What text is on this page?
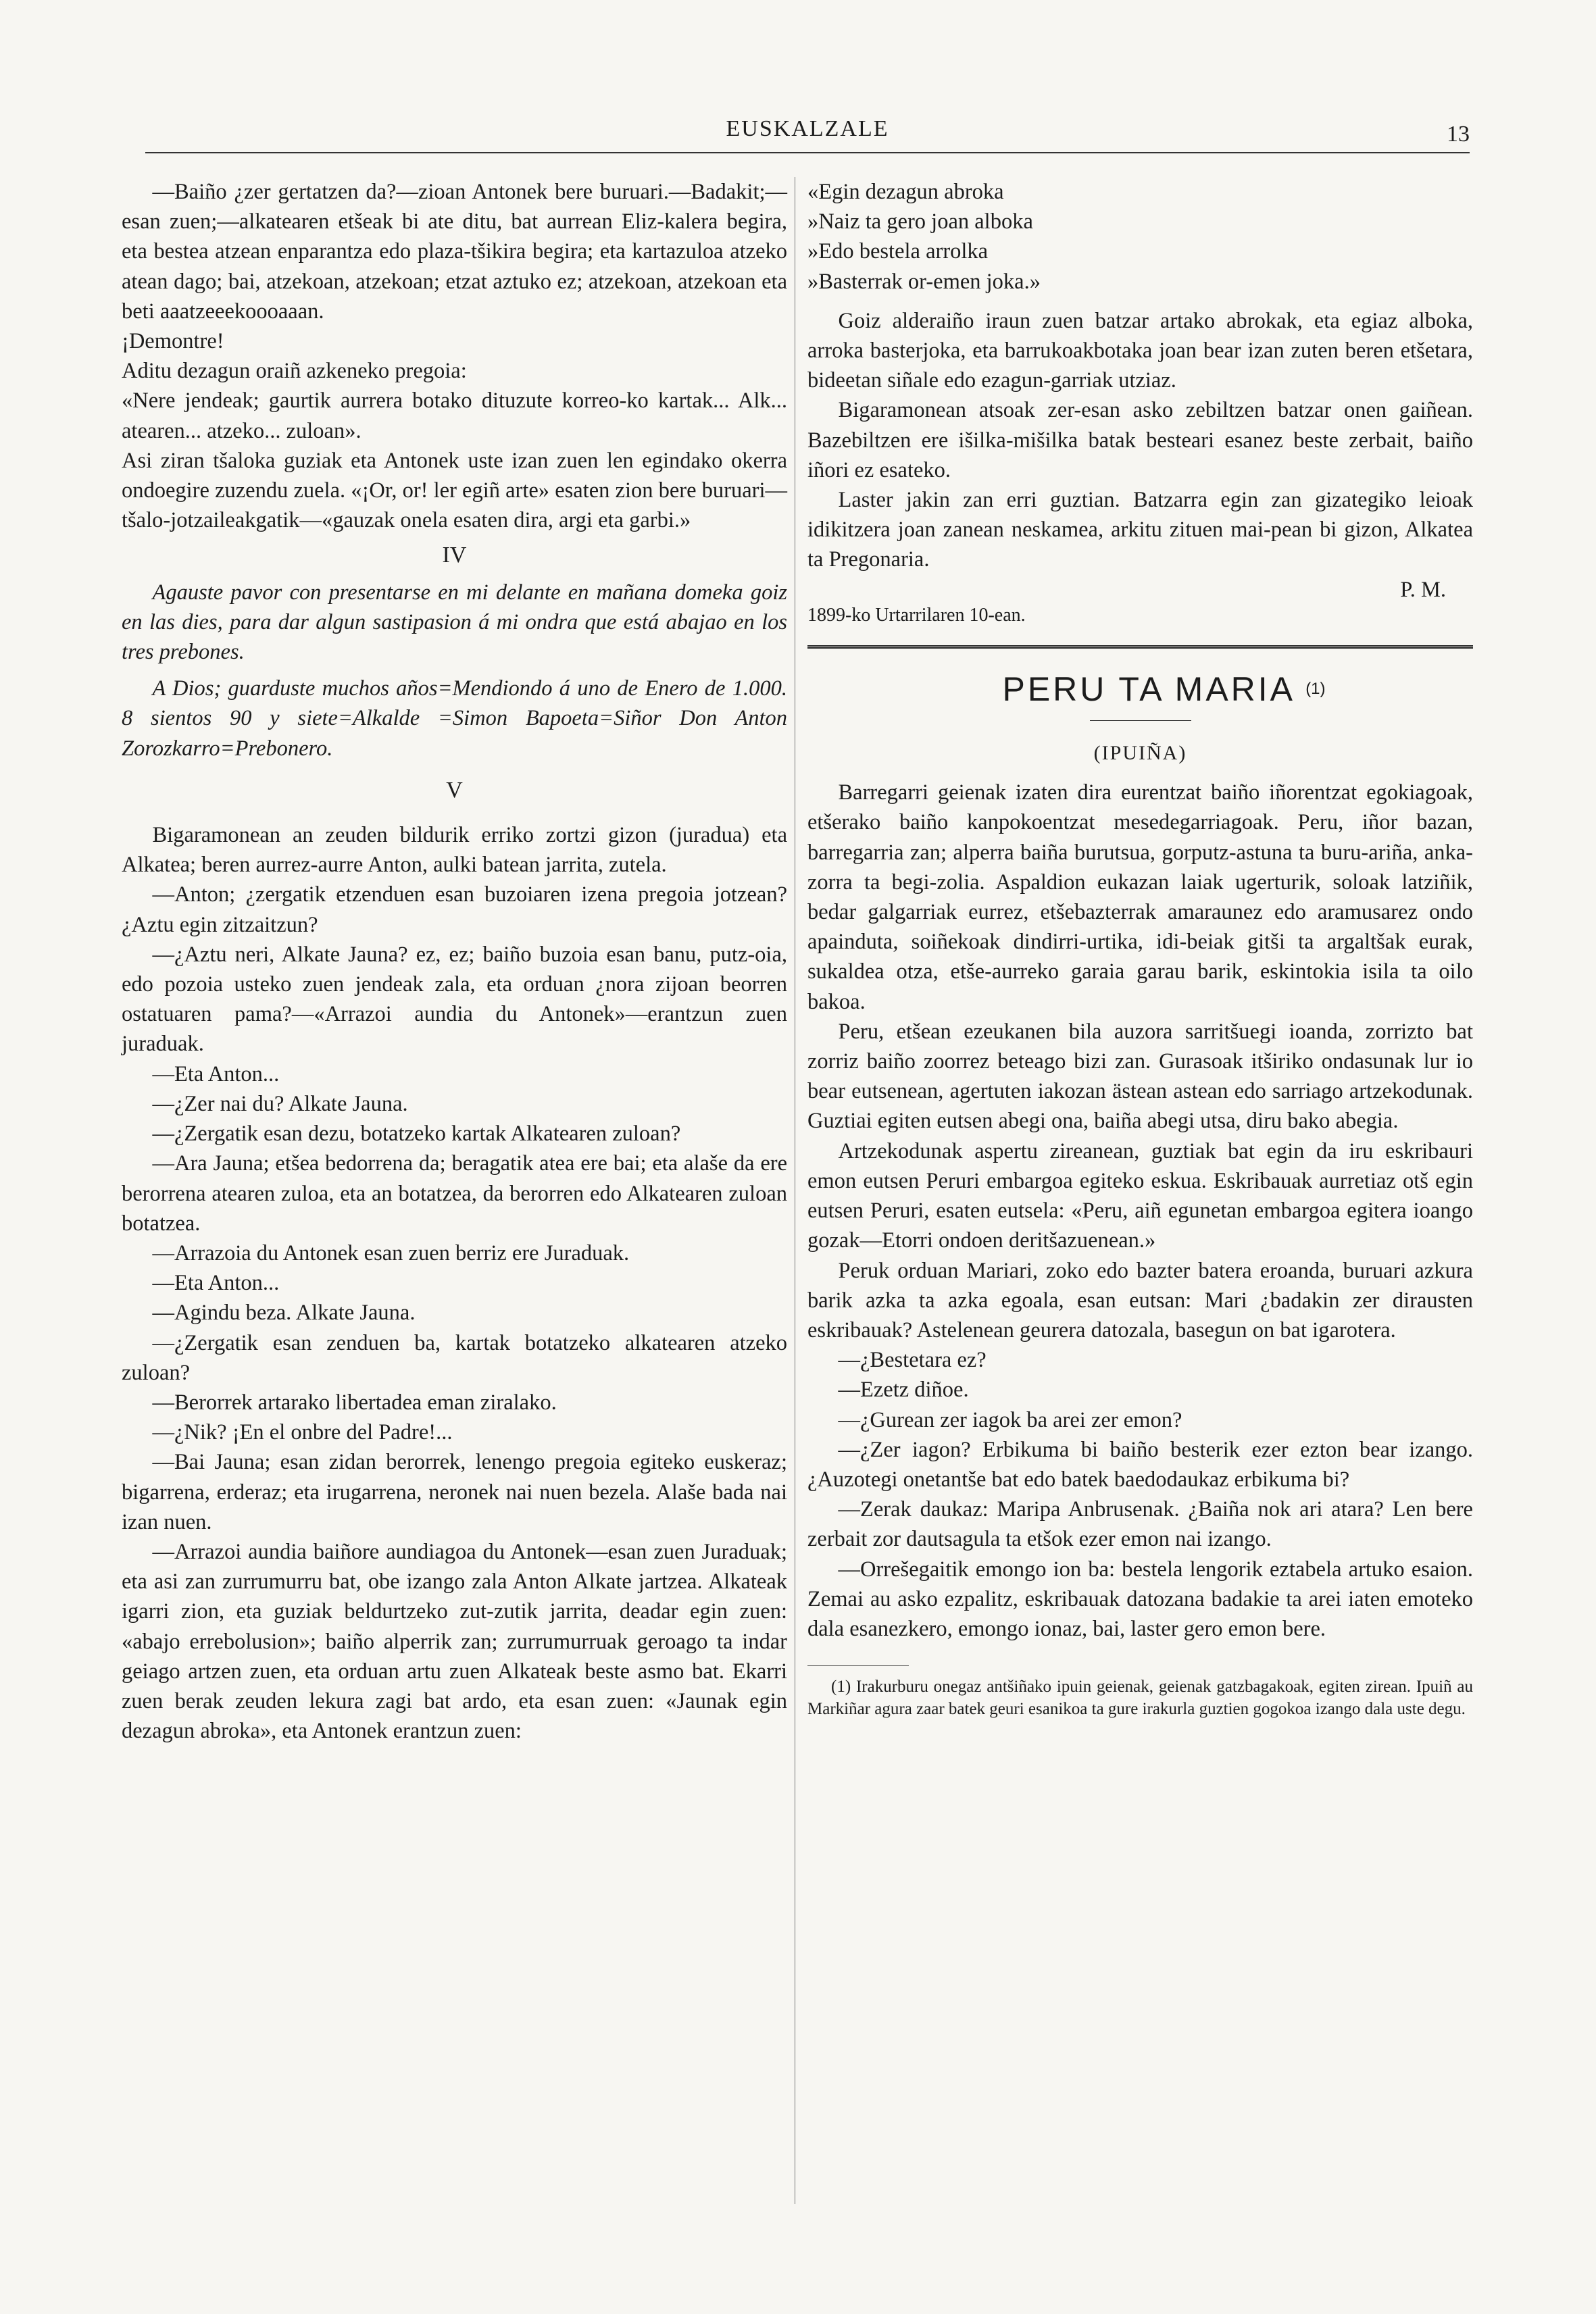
EUSKALZALE	13

—Baiño ¿zer gertatzen da?—zioan Antonek bere buruari.—Badakit;—esan zuen;—alkatearen etšeak bi ate ditu, bat aurrean Eliz-kalera begira, eta bestea atzean enparantza edo plaza-tšikira begira; eta kartazuloa atzeko atean dago; bai, atzekoan, atzekoan; etzat aztuko ez; atzekoan, atzekoan eta beti aaatzeeekoooaaan.

¡Demontre!

Aditu dezagun oraiñ azkeneko pregoia:

«Nere jendeak; gaurtik aurrera botako dituzute korreo-ko kartak... Alk... atearen... atzeko... zuloan».

Asi ziran tšaloka guziak eta Antonek uste izan zuen len egindako okerra ondoegire zuzendu zuela. «¡Or, or! ler egiñ arte» esaten zion bere buruari—tšalo-jotzaileakgatik—«gauzak onela esaten dira, argi eta garbi.»

IV

Agauste pavor con presentarse en mi delante en mañana domeka goiz en las dies, para dar algun sastipasion á mi ondra que está abajao en los tres prebones.

A Dios; guarduste muchos años=Mendiondo á uno de Enero de 1.000. 8 sientos 90 y siete=Alkalde =Simon Bapoeta=Siñor Don Anton Zorozkarro=Prebonero.

V

Bigaramonean an zeuden bildurik erriko zortzi gizon (juradua) eta Alkatea; beren aurrez-aurre Anton, aulki batean jarrita, zutela.

—Anton; ¿zergatik etzenduen esan buzoiaren izena pregoia jotzean? ¿Aztu egin zitzaitzun?

—¿Aztu neri, Alkate Jauna? ez, ez; baiño buzoia esan banu, putz-oia, edo pozoia usteko zuen jendeak zala, eta orduan ¿nora zijoan beorren ostatuaren pama?—«Arrazoi aundia du Antonek»—erantzun zuen juraduak.

—Eta Anton...

—¿Zer nai du? Alkate Jauna.

—¿Zergatik esan dezu, botatzeko kartak Alkatearen zuloan?

—Ara Jauna; etšea bedorrena da; beragatik atea ere bai; eta alaše da ere berorrena atearen zuloa, eta an botatzea, da berorren edo Alkatearen zuloan botatzea.

—Arrazoia du Antonek esan zuen berriz ere Juraduak.

—Eta Anton...

—Agindu beza. Alkate Jauna.

—¿Zergatik esan zenduen ba, kartak botatzeko alkatearen atzeko zuloan?

—Berorrek artarako libertadea eman ziralako.

—¿Nik? ¡En el onbre del Padre!...

—Bai Jauna; esan zidan berorrek, lenengo pregoia egiteko euskeraz; bigarrena, erderaz; eta irugarrena, neronek nai nuen bezela. Alaše bada nai izan nuen.

—Arrazoi aundia baiñore aundiagoa du Antonek—esan zuen Juraduak; eta asi zan zurrumurru bat, obe izango zala Anton Alkate jartzea. Alkateak igarri zion, eta guziak beldurtzeko zut-zutik jarrita, deadar egin zuen: «abajo errebolusion»; baiño alperrik zan; zurrumurruak geroago ta indar geiago artzen zuen, eta orduan artu zuen Alkateak beste asmo bat. Ekarri zuen berak zeuden lekura zagi bat ardo, eta esan zuen: «Jaunak egin dezagun abroka», eta Antonek erantzun zuen:

«Egin dezagun abroka

»Naiz ta gero joan alboka

»Edo bestela arrolka

»Basterrak or-emen joka.»

Goiz alderaiño iraun zuen batzar artako abrokak, eta egiaz alboka, arroka basterjoka, eta barrukoakbotaka joan bear izan zuten beren etšetara, bideetan siñale edo ezagun-garriak utziaz.

Bigaramonean atsoak zer-esan asko zebiltzen batzar onen gaiñean. Bazebiltzen ere išilka-mišilka batak besteari esanez beste zerbait, baiño iñori ez esateko.

Laster jakin zan erri guztian. Batzarra egin zan gizategiko leioak idikitzera joan zanean neskamea, arkitu zituen mai-pean bi gizon, Alkatea ta Pregonaria.

P. M.

1899-ko Urtarrilaren 10-ean.

PERU TA MARIA $^{(1)}$

(IPUIÑA)

Barregarri geienak izaten dira eurentzat baiño iñorentzat egokiagoak, etšerako baiño kanpokoentzat mesedegarriagoak. Peru, iñor bazan, barregarria zan; alperra baiña burutsua, gorputz-astuna ta buru-ariña, anka-zorra ta begi-zolia. Aspaldion eukazan laiak ugerturik, soloak latziñik, bedar galgarriak eurrez, etšebazterrak amaraunez edo aramusarez ondo apaindutа, soiñekoak dindirri-urtika, idi-beiak gitši ta argaltšak eurak, sukaldea otza, etše-aurreko garaia garau barik, eskintokia isila ta oilo bakoa.

Peru, etšean ezeukanen bila auzora sarritšuegi ioanda, zorrizto bat zorriz baiño zoorrez beteago bizi zan. Gurasoak itširiko ondasunak lur io bear eutsenean, agertuten iakozan ästean astean edo sarriago artzekodunak. Guztiai egiten eutsen abegi ona, baiña abegi utsa, diru bako abegia.

Artzekodunak aspertu zireanean, guztiak bat egin da iru eskribauri emon eutsen Peruri embargoa egiteko eskua. Eskribauak aurretiaz otš egin eutsen Peruri, esaten eutsela: «Peru, aiñ egunetan embargoa egitera ioango gozak—Etorri ondoen deritšazuenean.»

Peruk orduan Mariari, zoko edo bazter batera eroanda, buruari azkura barik azka ta azka egoala, esan eutsan: Mari ¿badakin zer dirausten eskribauak? Astelenean geurera datozala, basegun on bat igarotera.

—¿Bestetara ez?

—Ezetz diñoe.

—¿Gurean zer iagok ba arei zer emon?

—¿Zer iagon? Erbikuma bi baiño besterik ezer ezton bear izango. ¿Auzotegi onetantše bat edo batek baedodaukaz erbikuma bi?

—Zerak daukaz: Maripa Anbrusenak. ¿Baiña nok ari atara? Len bere zerbait zor dautsagula ta etšok ezer emon nai izango.

—Orrešegaitik emongo ion ba: bestela lengorik eztabela artuko esaion. Zemai au asko ezpalitz, eskribauak datozana badakie ta arei iaten emoteko dala esanezkero, emongo ionaz, bai, laster gero emon bere.

(1) Irakurburu onegaz antšiñako ipuin geienak, geienak gatzbagakoak, egiten zirean. Ipuiñ au Markiñar agura zaar batek geuri esanikoa ta gure irakurla guztien gogokoa izango dala uste degu.
